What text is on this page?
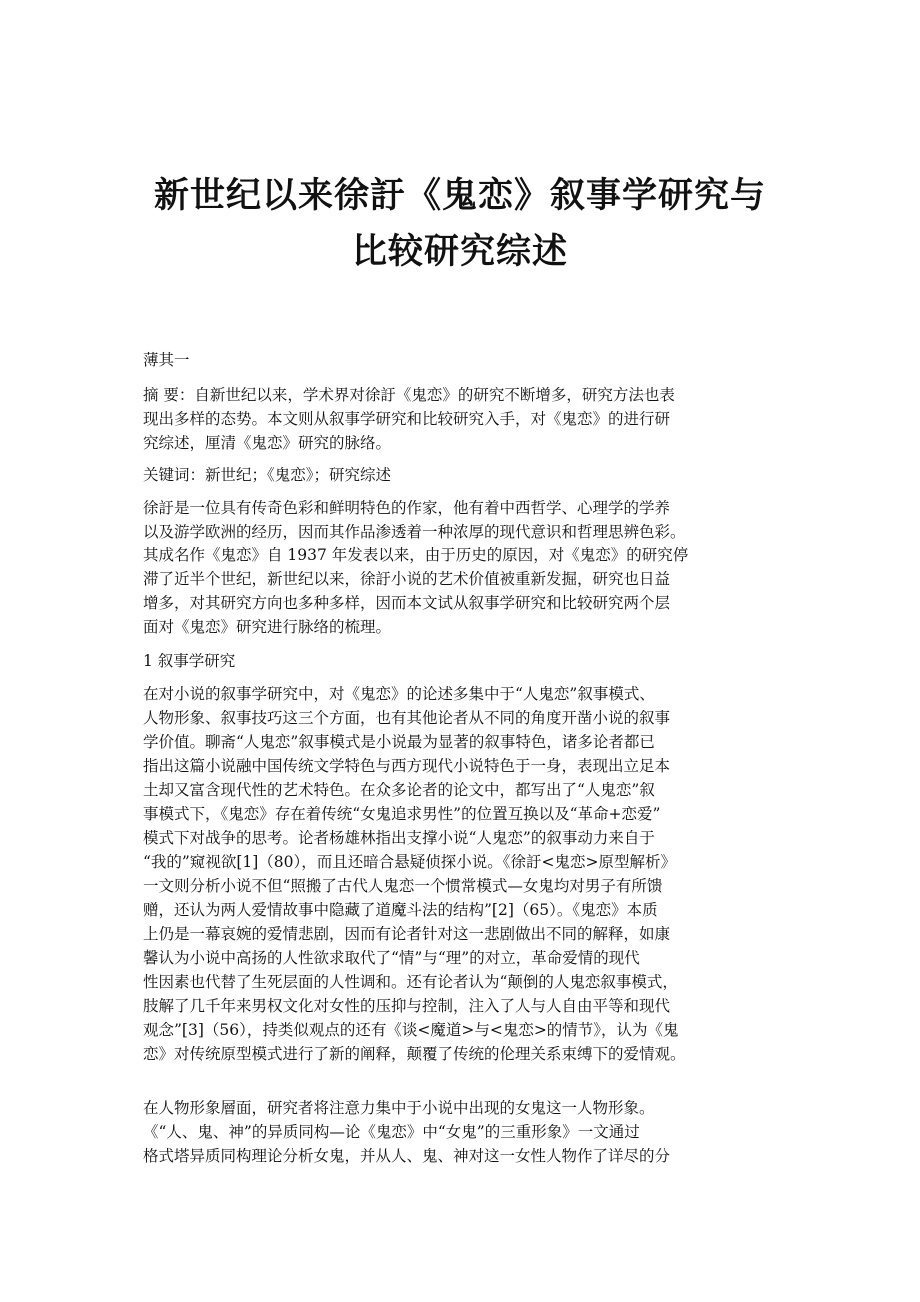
新世纪以来徐訏《鬼恋》叙事学研究与
比较研究综述
薄其一
摘 要：自新世纪以来，学术界对徐訏《鬼恋》的研究不断增多，研究方法也表
现出多样的态势。本文则从叙事学研究和比较研究入手，对《鬼恋》的进行研
究综述，厘清《鬼恋》研究的脉络。
关键词：新世纪；《鬼恋》；研究综述
徐訏是一位具有传奇色彩和鲜明特色的作家，他有着中西哲学、心理学的学养
以及游学欧洲的经历，因而其作品渗透着一种浓厚的现代意识和哲理思辨色彩。
其成名作《鬼恋》自 1937 年发表以来，由于历史的原因，对《鬼恋》的研究停
滞了近半个世纪，新世纪以来，徐訏小说的艺术价值被重新发掘，研究也日益
增多，对其研究方向也多种多样，因而本文试从叙事学研究和比较研究两个层
面对《鬼恋》研究进行脉络的梳理。
1 叙事学研究
在对小说的叙事学研究中，对《鬼恋》的论述多集中于“人鬼恋”叙事模式、
人物形象、叙事技巧这三个方面，也有其他论者从不同的角度开凿小说的叙事
学价值。聊斋“人鬼恋”叙事模式是小说最为显著的叙事特色，诸多论者都已
指出这篇小说融中国传统文学特色与西方现代小说特色于一身，表现出立足本
土却又富含现代性的艺术特色。在众多论者的论文中，都写出了“人鬼恋”叙
事模式下，《鬼恋》存在着传统“女鬼追求男性”的位置互换以及“革命+恋爱”
模式下对战争的思考。论者杨雄林指出支撑小说“人鬼恋”的叙事动力来自于
“我的”窥视欲[1]（80），而且还暗合悬疑侦探小说。《徐訏<鬼恋>原型解析》
一文则分析小说不但“照搬了古代人鬼恋一个惯常模式—女鬼均对男子有所馈
赠，还认为两人爱情故事中隐藏了道魔斗法的结构”[2]（65）。《鬼恋》本质
上仍是一幕哀婉的爱情悲剧，因而有论者针对这一悲剧做出不同的解释，如康
馨认为小说中高扬的人性欲求取代了“情”与“理”的对立，革命爱情的现代
性因素也代替了生死层面的人性调和。还有论者认为“颠倒的人鬼恋叙事模式，
肢解了几千年来男权文化对女性的压抑与控制，注入了人与人自由平等和现代
观念”[3]（56），持类似观点的还有《谈<魔道>与<鬼恋>的情节》，认为《鬼
恋》对传统原型模式进行了新的阐释，颠覆了传统的伦理关系束缚下的爱情观。
在人物形象層面，研究者将注意力集中于小说中出现的女鬼这一人物形象。
《“人、鬼、神”的异质同构—论《鬼恋》中“女鬼”的三重形象》一文通过
格式塔异质同构理论分析女鬼，并从人、鬼、神对这一女性人物作了详尽的分
